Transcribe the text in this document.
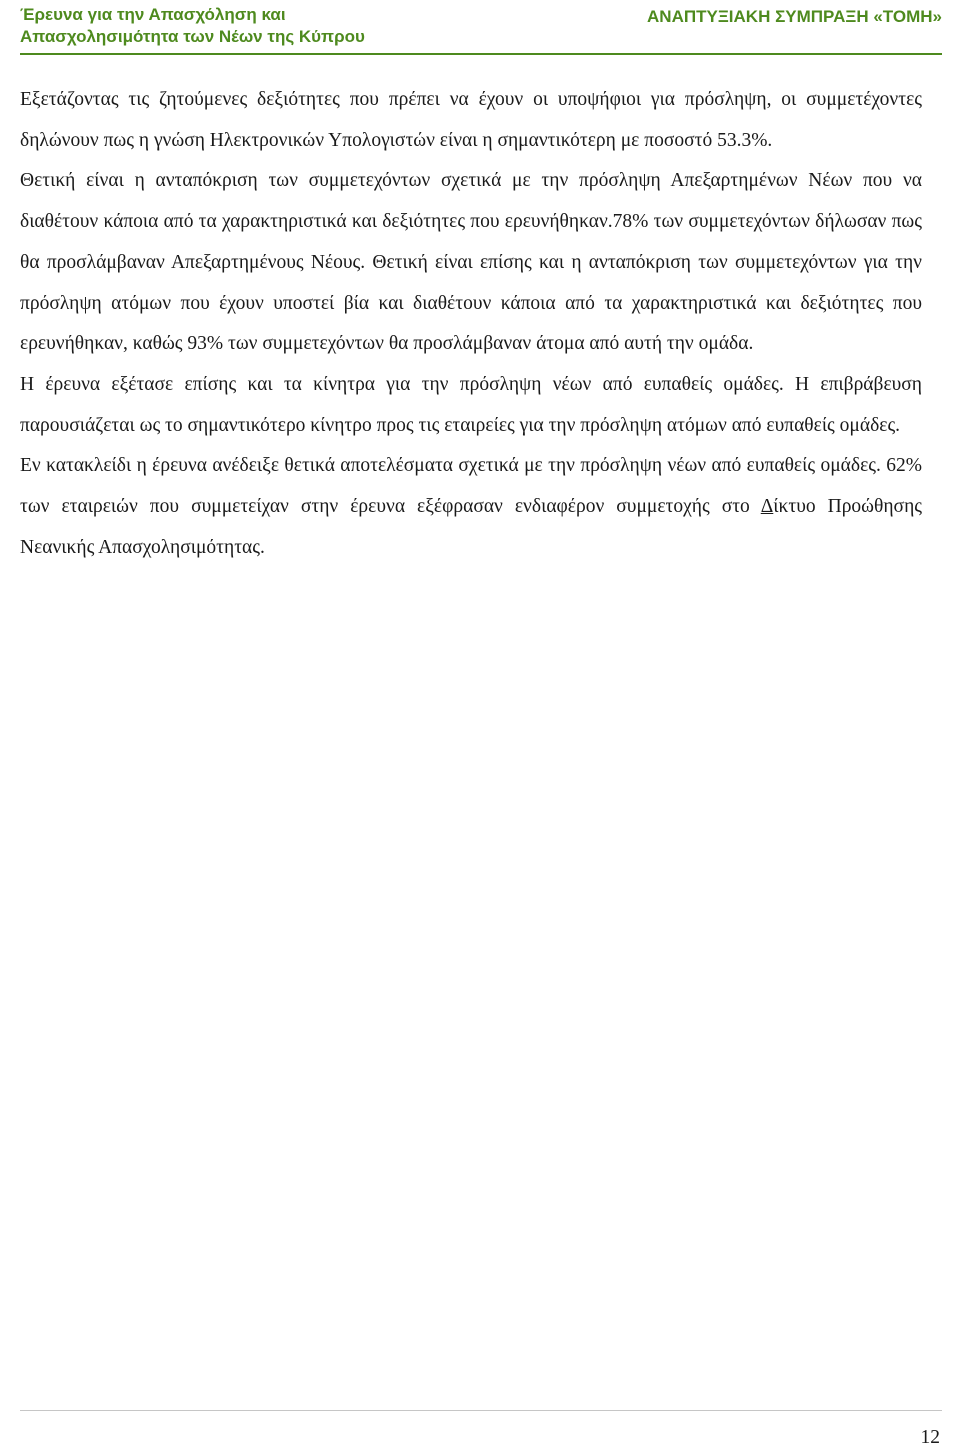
Έρευνα για την Απασχόληση και
Απασχολησιμότητα των Νέων της Κύπρου
ΑΝΑΠΤΥΞΙΑΚΗ ΣΥΜΠΡΑΞΗ «ΤΟΜΗ»

Εξετάζοντας τις ζητούμενες δεξιότητες που πρέπει να έχουν οι υποψήφιοι για πρόσληψη, οι συμμετέχοντες δηλώνουν πως η γνώση Ηλεκτρονικών Υπολογιστών είναι η σημαντικότερη με ποσοστό 53.3%.

Θετική είναι η ανταπόκριση των συμμετεχόντων σχετικά με την πρόσληψη Απεξαρτημένων Νέων που να διαθέτουν κάποια από τα χαρακτηριστικά και δεξιότητες που ερευνήθηκαν.78% των συμμετεχόντων δήλωσαν πως θα προσλάμβαναν Απεξαρτημένους Νέους. Θετική είναι επίσης και η ανταπόκριση των συμμετεχόντων για την πρόσληψη ατόμων που έχουν υποστεί βία και διαθέτουν κάποια από τα χαρακτηριστικά και δεξιότητες που ερευνήθηκαν, καθώς 93% των συμμετεχόντων θα προσλάμβαναν άτομα από αυτή την ομάδα.

Η έρευνα εξέτασε επίσης και τα κίνητρα για την πρόσληψη νέων από ευπαθείς ομάδες. Η επιβράβευση παρουσιάζεται ως το σημαντικότερο κίνητρο προς τις εταιρείες για την πρόσληψη ατόμων από ευπαθείς ομάδες.

Εν κατακλείδι η έρευνα ανέδειξε θετικά αποτελέσματα σχετικά με την πρόσληψη νέων από ευπαθείς ομάδες. 62% των εταιρειών που συμμετείχαν στην έρευνα εξέφρασαν ενδιαφέρον συμμετοχής στο Δίκτυο Προώθησης Νεανικής Απασχολησιμότητας.

12
